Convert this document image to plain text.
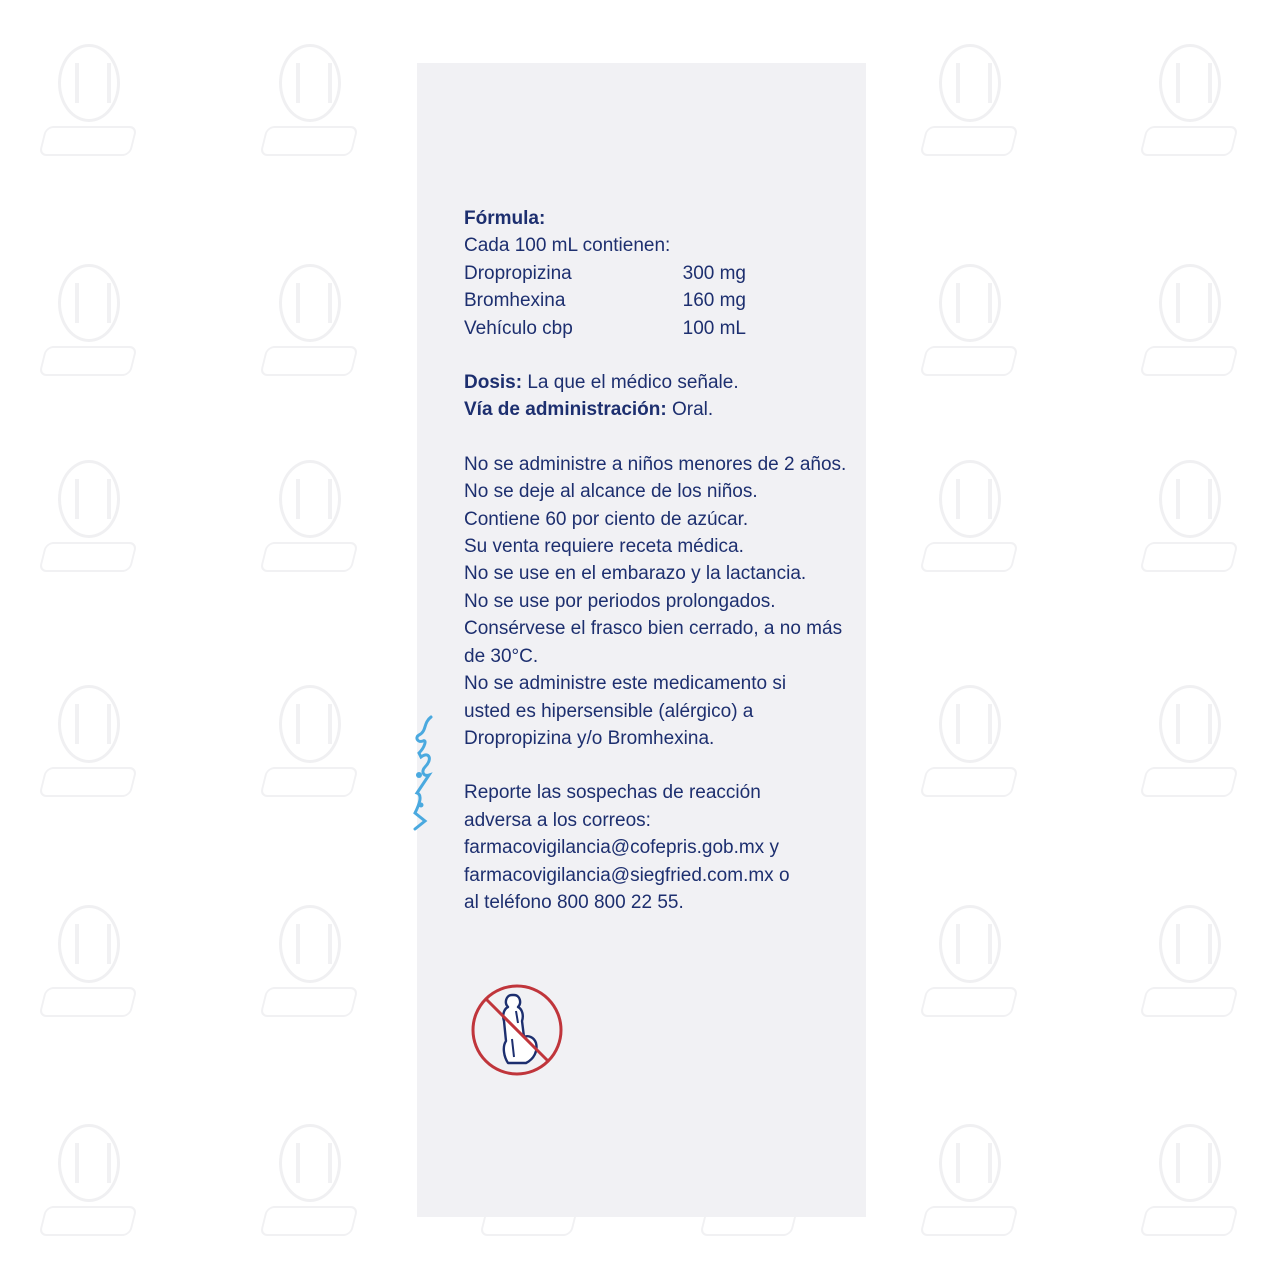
Fórmula:
Cada 100 mL contienen:
Dropropizina	300 mg
Bromhexina	160 mg
Vehículo cbp	100 mL
Dosis: La que el médico señale.
Vía de administración: Oral.
No se administre a niños menores de 2 años.
No se deje al alcance de los niños.
Contiene 60 por ciento de azúcar.
Su venta requiere receta médica.
No se use en el embarazo y la lactancia.
No se use por periodos prolongados.
Consérvese el frasco bien cerrado, a no más de 30°C.
No se administre este medicamento si usted es hipersensible (alérgico) a Dropropizina y/o Bromhexina.
Reporte las sospechas de reacción adversa a los correos:
farmacovigilancia@cofepris.gob.mx y
farmacovigilancia@siegfried.com.mx o
al teléfono 800 800 22 55.
